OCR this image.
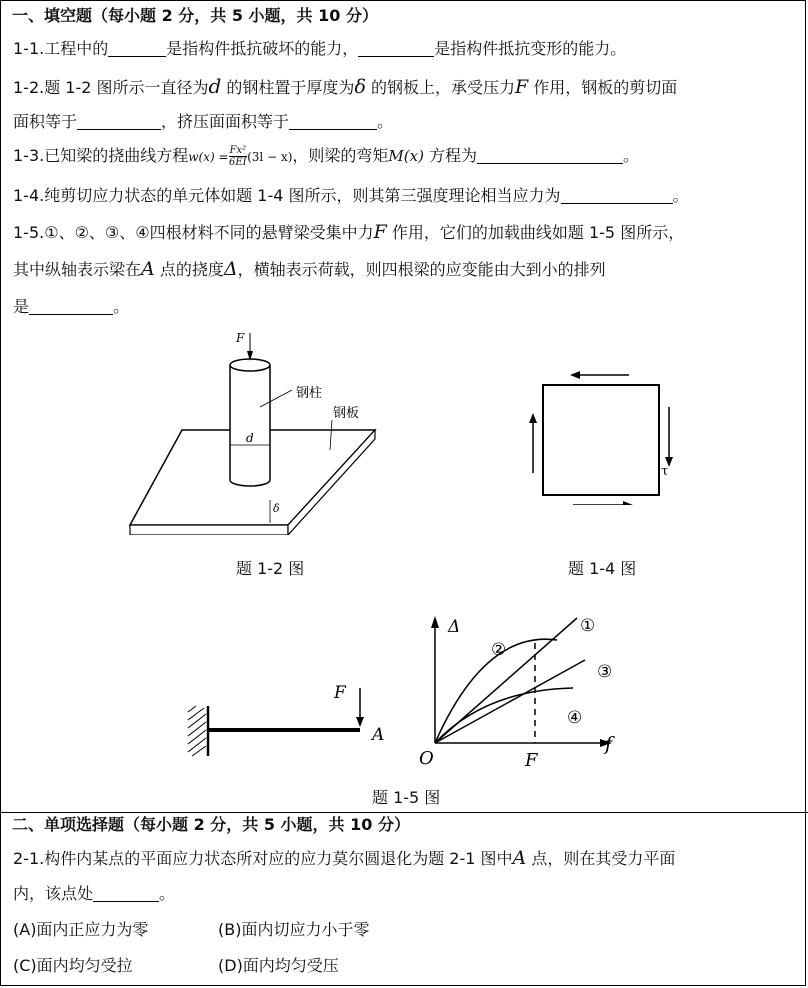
一、填空题（每小题 2 分，共 5 小题，共 10 分）
1-1.工程中的	是指构件抵抗破坏的能力，	是指构件抵抗变形的能力。
1-2.题 1-2 图所示一直径为d 的钢柱置于厚度为δ 的钢板上，承受压力F 作用，钢板的剪切面
面积等于	，挤压面面积等于	。
1-3.已知梁的挠曲线方程$w(x) = \frac{\text{Fx²}}{6EI}(3l - x)$，则梁的弯矩M(x) 方程为	。
1-4.纯剪切应力状态的单元体如题 1-4 图所示，则其第三强度理论相当应力为	。
1-5.①、②、③、④四根材料不同的悬臂梁受集中力F 作用，它们的加载曲线如题 1-5 图所示，
其中纵轴表示梁在A 点的挠度Δ，横轴表示荷载，则四根梁的应变能由大到小的排列
是	。
F
d
钢柱
钢板
δ
题 1-2 图
τ
题 1-4 图
F
A
Δ
f
O	F
①
②
③
④
题 1-5 图
二、单项选择题（每小题 2 分，共 5 小题，共 10 分）
2-1.构件内某点的平面应力状态所对应的应力莫尔圆退化为题 2-1 图中A 点，则在其受力平面
内，该点处	。
(A)面内正应力为零	(B)面内切应力小于零
(C)面内均匀受拉	(D)面内均匀受压
